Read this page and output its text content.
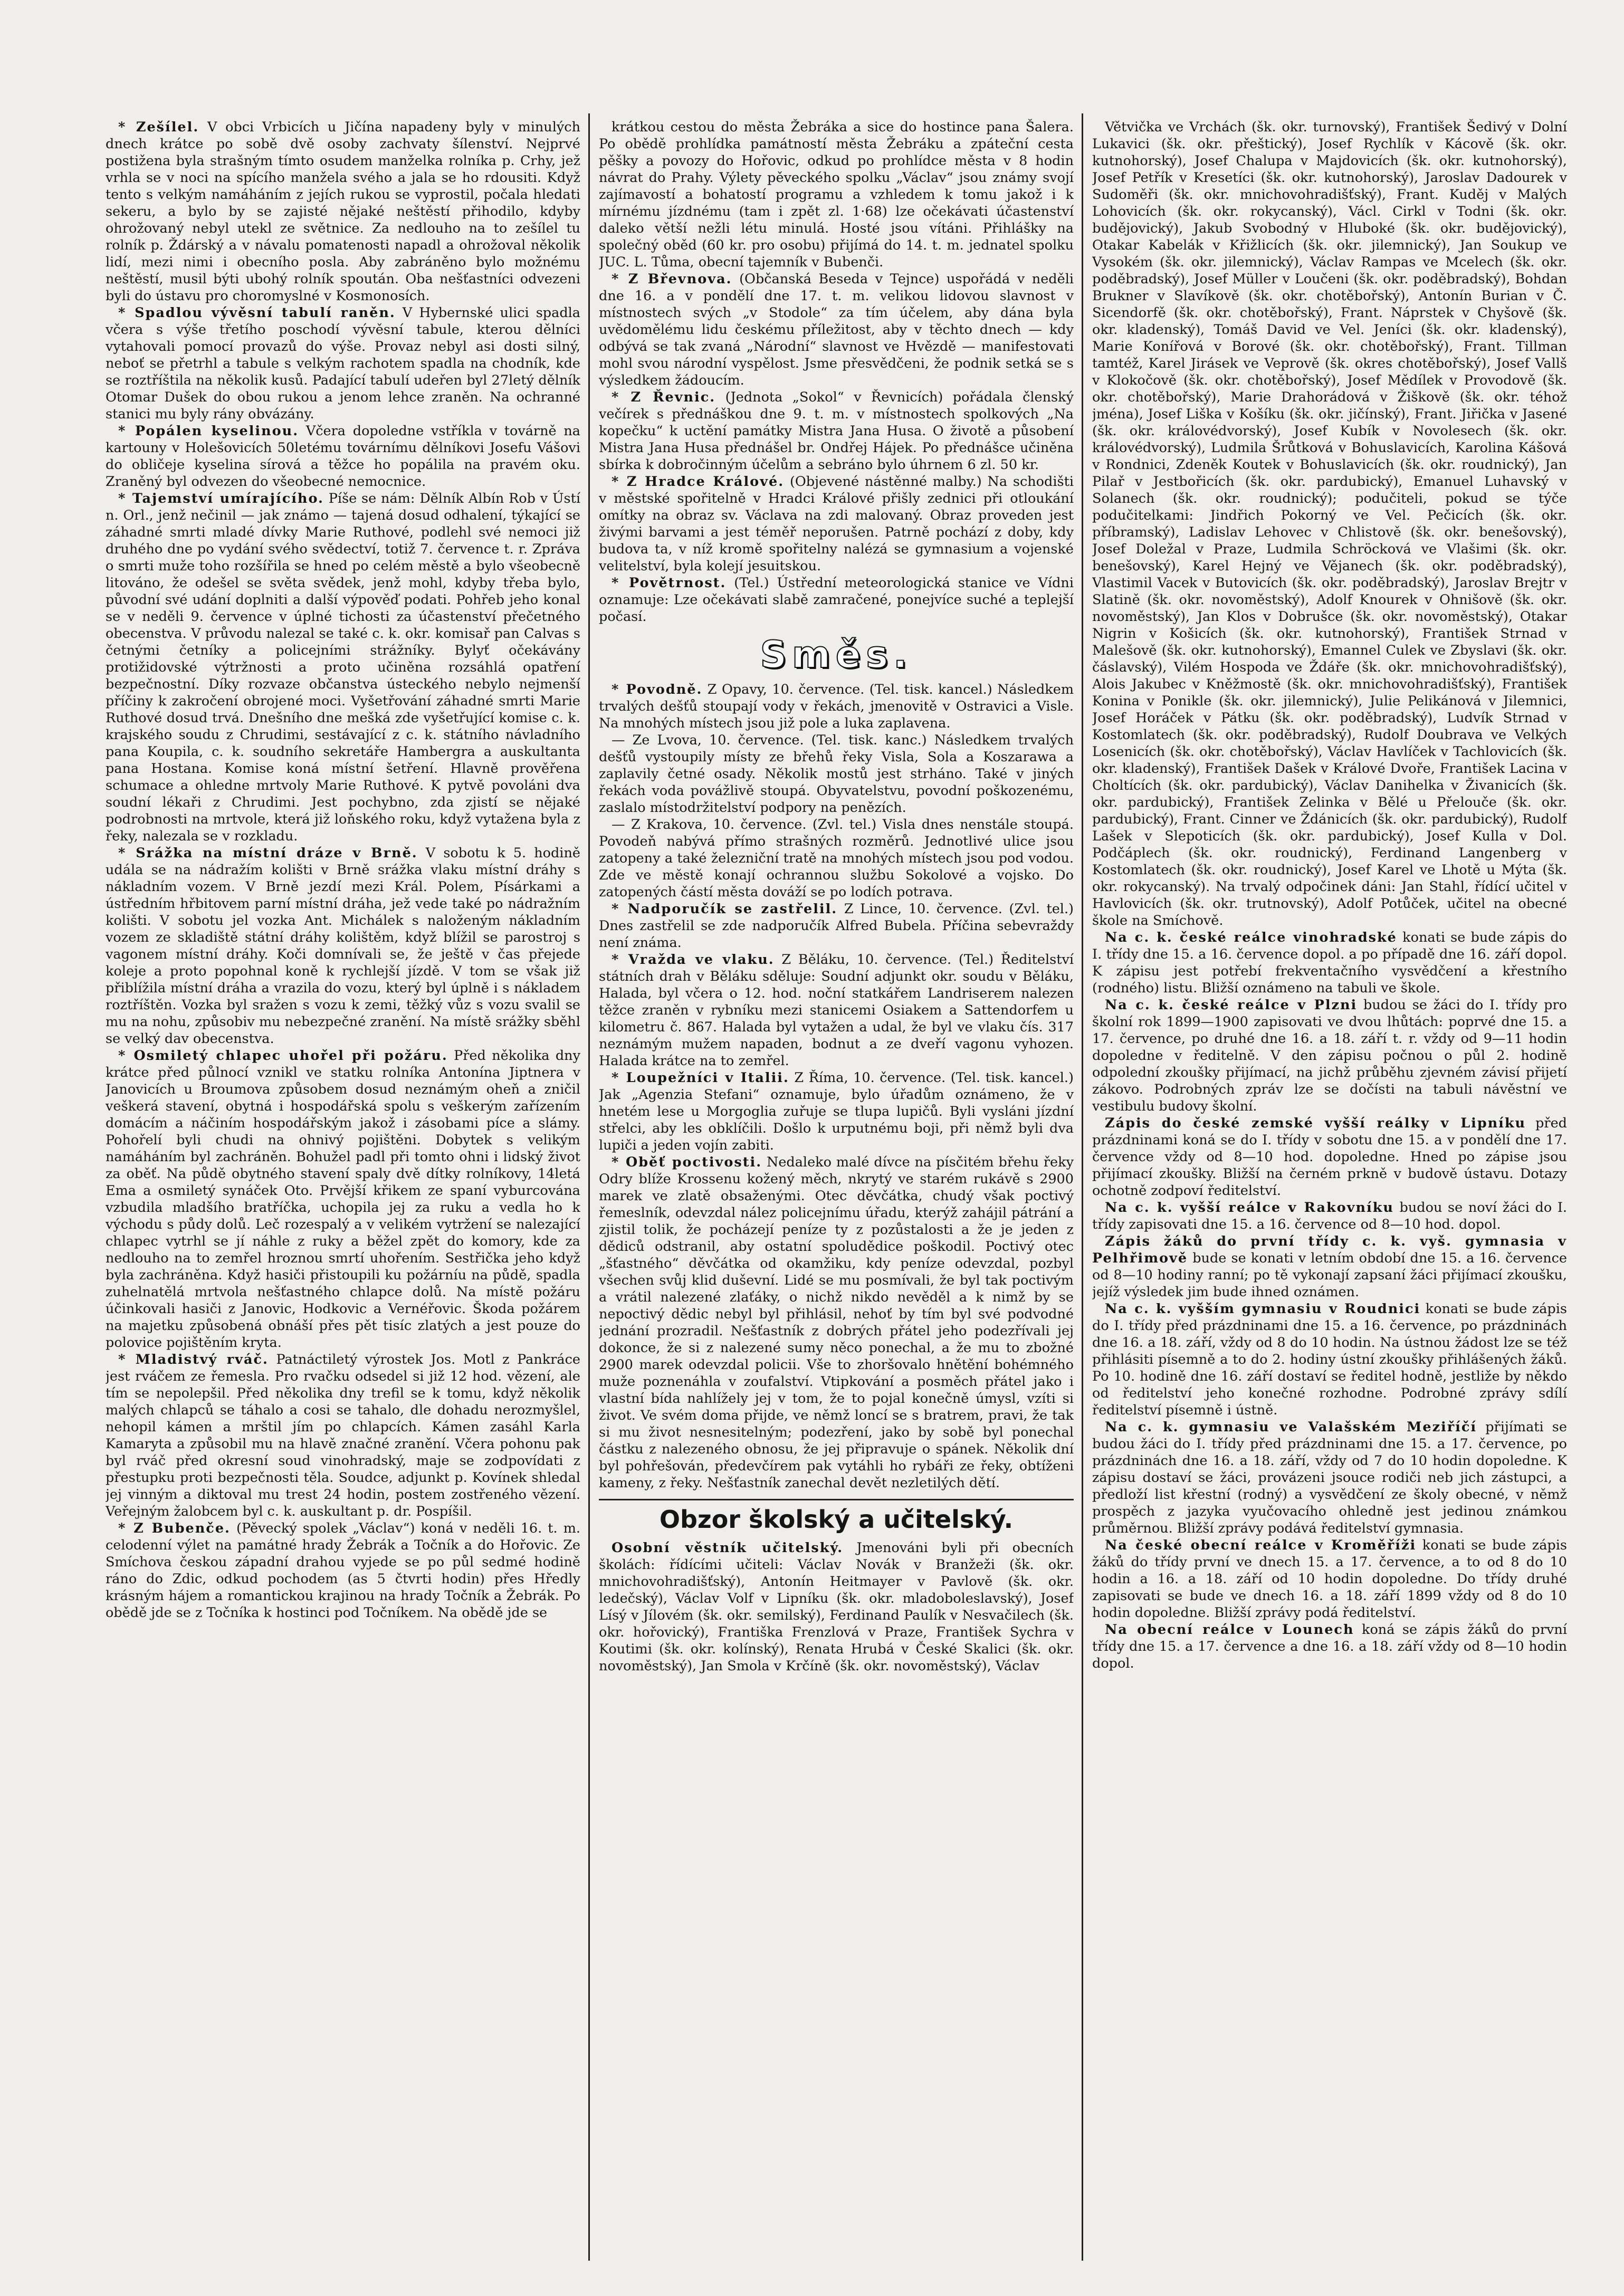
* Zešílel. V obci Vrbicích u Jičína napadeny byly v minulých dnech krátce po sobě dvě osoby zachvaty šílenství. Nejprvé postižena byla strašným tímto osudem manželka rolníka p. Crhy, jež vrhla se v noci na spícího manžela svého a jala se ho rdousiti. Když tento s velkým namáháním z jejích rukou se vyprostil, počala hledati sekeru, a bylo by se zajisté nějaké neštěstí přihodilo, kdyby ohrožovaný nebyl utekl ze světnice. Za nedlouho na to zešílel tu rolník p. Ždárský a v návalu pomatenosti napadl a ohrožoval několik lidí, mezi nimi i obecního posla. Aby zabráněno bylo možnému neštěstí, musil býti ubohý rolník spoután. Oba nešťastníci odvezeni byli do ústavu pro choromyslné v Kosmonosích.

* Spadlou vývěsní tabulí raněn. V Hybernské ulici spadla včera s výše třetího poschodí vývěsní tabule, kterou dělníci vytahovali pomocí provazů do výše. Provaz nebyl asi dosti silný, neboť se přetrhl a tabule s velkým rachotem spadla na chodník, kde se roztříštila na několik kusů. Padající tabulí udeřen byl 27letý dělník Otomar Dušek do obou rukou a jenom lehce zraněn. Na ochranné stanici mu byly rány obvázány.

* Popálen kyselinou. Včera dopoledne vstříkla v továrně na kartouny v Holešovicích 50letému továrnímu dělníkovi Josefu Vášovi do obličeje kyselina sírová a těžce ho popálila na pravém oku. Zraněný byl odvezen do všeobecné nemocnice.

* Tajemství umírajícího. Píše se nám: Dělník Albín Rob v Ústí n. Orl., jenž nečinil — jak známo — tajená dosud odhalení, týkající se záhadné smrti mladé dívky Marie Ruthové, podlehl své nemoci již druhého dne po vydání svého svědectví, totiž 7. července t. r. Zpráva o smrti muže toho rozšířila se hned po celém městě a bylo všeobecně litováno, že odešel se světa svědek, jenž mohl, kdyby třeba bylo, původní své udání doplniti a další výpověď podati. Pohřeb jeho konal se v neděli 9. července v úplné tichosti za účastenství přečetného obecenstva. V průvodu nalezal se také c. k. okr. komisař pan Calvas s četnými četníky a policejními strážníky. Bylyť očekávány protižidovské výtržnosti a proto učiněna rozsáhlá opatření bezpečnostní. Díky rozvaze občanstva ústeckého nebylo nejmenší příčiny k zakročení obrojené moci. Vyšetřování záhadné smrti Marie Ruthové dosud trvá. Dnešního dne mešká zde vyšetřující komise c. k. krajského soudu z Chrudimi, sestávající z c. k. státního návladního pana Koupila, c. k. soudního sekretáře Hambergra a auskultanta pana Hostana. Komise koná místní šetření. Hlavně prověřena schumace a ohledne mrtvoly Marie Ruthové. K pytvě povoláni dva soudní lékaři z Chrudimi. Jest pochybno, zda zjistí se nějaké podrobnosti na mrtvole, která již loňského roku, když vytažena byla z řeky, nalezala se v rozkladu.

* Srážka na místní dráze v Brně. V sobotu k 5. hodině udála se na nádražím kolišti v Brně srážka vlaku místní dráhy s nákladním vozem. V Brně jezdí mezi Král. Polem, Písárkami a ústředním hřbitovem parní místní dráha, jež vede také po nádražním kolišti. V sobotu jel vozka Ant. Michálek s naloženým nákladním vozem ze skladiště státní dráhy kolištěm, když blížil se parostroj s vagonem místní dráhy. Koči domnívali se, že ještě v čas přejede koleje a proto popohnal koně k rychlejší jízdě. V tom se však již přiblížila místní dráha a vrazila do vozu, který byl úplně i s nákladem roztříštěn. Vozka byl sražen s vozu k zemi, těžký vůz s vozu svalil se mu na nohu, způsobiv mu nebezpečné zranění. Na místě srážky sběhl se velký dav obecenstva.

* Osmiletý chlapec uhořel při požáru. Před několika dny krátce před půlnocí vznikl ve statku rolníka Antonína Jiptnera v Janovicích u Broumova způsobem dosud neznámým oheň a zničil veškerá stavení, obytná i hospodářská spolu s veškerým zařízením domácím a náčiním hospodářským jakož i zásobami píce a slámy. Pohořelí byli chudi na ohnivý pojištěni. Dobytek s velikým namáháním byl zachráněn. Bohužel padl při tomto ohni i lidský život za oběť. Na půdě obytného stavení spaly dvě dítky rolníkovy, 14letá Ema a osmiletý synáček Oto. Prvější křikem ze spaní vyburcována vzbudila mladšího bratříčka, uchopila jej za ruku a vedla ho k východu s půdy dolů. Leč rozespalý a v velikém vytržení se nalezající chlapec vytrhl se jí náhle z ruky a běžel zpět do komory, kde za nedlouho na to zemřel hroznou smrtí uhořením. Sestřička jeho když byla zachráněna. Když hasiči přistoupili ku požárníu na půdě, spadla zuhelnatělá mrtvola nešťastného chlapce dolů. Na místě požáru účinkovali hasiči z Janovic, Hodkovic a Vernéřovic. Škoda požárem na majetku způsobená obnáší přes pět tisíc zlatých a jest pouze do polovice pojištěním kryta.

* Mladistvý rváč. Patnáctiletý výrostek Jos. Motl z Pankráce jest rváčem ze řemesla. Pro rvačku odsedel si již 12 hod. vězení, ale tím se nepolepšil. Před několika dny trefil se k tomu, když několik malých chlapců se táhalo a cosi se tahalo, dle dohadu nerozmyšlel, nehopil kámen a mrštil jím po chlapcích. Kámen zasáhl Karla Kamaryta a způsobil mu na hlavě značné zranění. Včera pohonu pak byl rváč před okresní soud vinohradský, maje se zodpovídati z přestupku proti bezpečnosti těla. Soudce, adjunkt p. Kovínek shledal jej vinným a diktoval mu trest 24 hodin, postem zostřeného vězení. Veřejným žalobcem byl c. k. auskultant p. dr. Pospíšil.

* Z Bubenče. (Pěvecký spolek „Václav“) koná v neděli 16. t. m. celodenní výlet na památné hrady Žebrák a Točník a do Hořovic. Ze Smíchova českou západní drahou vyjede se po půl sedmé hodině ráno do Zdic, odkud pochodem (as 5 čtvrti hodin) přes Hředly krásným hájem a romantickou krajinou na hrady Točník a Žebrák. Po obědě jde se z Točníka k hostinci pod Točníkem. Na obědě jde se

krátkou cestou do města Žebráka a sice do hostince pana Šalera. Po obědě prohlídka památností města Žebráku a zpáteční cesta pěšky a povozy do Hořovic, odkud po prohlídce města v 8 hodin návrat do Prahy. Výlety pěveckého spolku „Václav“ jsou známy svojí zajímavostí a bohatostí programu a vzhledem k tomu jakož i k mírnému jízdnému (tam i zpět zl. 1·68) lze očekávati účastenství daleko větší nežli létu minulá. Hosté jsou vítáni. Přihlášky na společný oběd (60 kr. pro osobu) přijímá do 14. t. m. jednatel spolku JUC. L. Tůma, obecní tajemník v Bubenči.

* Z Břevnova. (Občanská Beseda v Tejnce) uspořádá v neděli dne 16. a v pondělí dne 17. t. m. velikou lidovou slavnost v místnostech svých „v Stodole“ za tím účelem, aby dána byla uvědomělému lidu českému příležitost, aby v těchto dnech — kdy odbývá se tak zvaná „Národní“ slavnost ve Hvězdě — manifestovati mohl svou národní vyspělost. Jsme přesvědčeni, že podnik setká se s výsledkem žádoucím.

* Z Řevnic. (Jednota „Sokol“ v Řevnicích) pořádala členský večírek s přednáškou dne 9. t. m. v místnostech spolkových „Na kopečku“ k uctění památky Mistra Jana Husa. O životě a působení Mistra Jana Husa přednášel br. Ondřej Hájek. Po přednášce učiněna sbírka k dobročinným účelům a sebráno bylo úhrnem 6 zl. 50 kr.

* Z Hradce Králové. (Objevené nástěnné malby.) Na schodišti v městské spořitelně v Hradci Králové přišly zednici při otloukání omítky na obraz sv. Václava na zdi malovaný. Obraz proveden jest živými barvami a jest téměř neporušen. Patrně pochází z doby, kdy budova ta, v níž kromě spořitelny nalézá se gymnasium a vojenské velitelství, byla kolejí jesuitskou.

* Povětrnost. (Tel.) Ústřední meteorologická stanice ve Vídni oznamuje: Lze očekávati slabě zamračené, ponejvíce suché a teplejší počasí.

Směs.

* Povodně. Z Opavy, 10. července. (Tel. tisk. kancel.) Následkem trvalých dešťů stoupají vody v řekách, jmenovitě v Ostravici a Visle. Na mnohých místech jsou již pole a luka zaplavena.

— Ze Lvova, 10. července. (Tel. tisk. kanc.) Následkem trvalých dešťů vystoupily místy ze břehů řeky Visla, Sola a Koszarawa a zaplavily četné osady. Několik mostů jest strháno. Také v jiných řekách voda povážlivě stoupá. Obyvatelstvu, povodní poškozenému, zaslalo místodržitelství podpory na penězích.

— Z Krakova, 10. července. (Zvl. tel.) Visla dnes nenstále stoupá. Povodeň nabývá přímo strašných rozměrů. Jednotlivé ulice jsou zatopeny a také železniční tratě na mnohých místech jsou pod vodou. Zde ve městě konají ochrannou službu Sokolové a vojsko. Do zatopených částí města dováží se po lodích potrava.

* Nadporučík se zastřelil. Z Lince, 10. července. (Zvl. tel.) Dnes zastřelil se zde nadporučík Alfred Bubela. Příčina sebevraždy není známa.

* Vražda ve vlaku. Z Běláku, 10. července. (Tel.) Ředitelství státních drah v Běláku sděluje: Soudní adjunkt okr. soudu v Běláku, Halada, byl včera o 12. hod. noční statkářem Landriserem nalezen těžce zraněn v rybníku mezi stanicemi Osiakem a Sattendorfem u kilometru č. 867. Halada byl vytažen a udal, že byl ve vlaku čís. 317 neznámým mužem napaden, bodnut a ze dveří vagonu vyhozen. Halada krátce na to zemřel.

* Loupežníci v Italii. Z Říma, 10. července. (Tel. tisk. kancel.) Jak „Agenzia Stefani“ oznamuje, bylo úřadům oznámeno, že v hnetém lese u Morgoglia zuřuje se tlupa lupičů. Byli vysláni jízdní střelci, aby les obklíčili. Došlo k urputnému boji, při němž byli dva lupiči a jeden vojín zabiti.

* Oběť poctivosti. Nedaleko malé dívce na písčitém břehu řeky Odry blíže Krossenu kožený měch, nkrytý ve starém rukávě s 2900 marek ve zlatě obsaženými. Otec děvčátka, chudý však poctivý řemeslník, odevzdal nález policejnímu úřadu, kterýž zahájil pátrání a zjistil tolik, že pocházejí peníze ty z pozůstalosti a že je jeden z dědiců odstranil, aby ostatní spoludědice poškodil. Poctivý otec „šťastného“ děvčátka od okamžiku, kdy peníze odevzdal, pozbyl všechen svůj klid duševní. Lidé se mu posmívali, že byl tak poctivým a vrátil nalezené zlaťáky, o nichž nikdo nevěděl a k nimž by se nepoctivý dědic nebyl byl přihlásil, nehoť by tím byl své podvodné jednání prozradil. Nešťastník z dobrých přátel jeho podezřívali jej dokonce, že si z nalezené sumy něco ponechal, a že mu to zbožné 2900 marek odevzdal policii. Vše to zhoršovalo hnětění bohémného muže poznenáhla v zoufalství. Vtipkování a posměch přátel jako i vlastní bída nahlížely jej v tom, že to pojal konečně úmysl, vzíti si život. Ve svém doma přijde, ve němž loncí se s bratrem, pravi, že tak si mu život nesnesitelným; podezření, jako by sobě byl ponechal částku z nalezeného obnosu, že jej připravuje o spánek. Několik dní byl pohřešován, předevčírem pak vytáhli ho rybáři ze řeky, obtíženi kameny, z řeky. Nešťastník zanechal devět nezletilých dětí.

Obzor školský a učitelský.

Osobní věstník učitelský. Jmenováni byli při obecních školách: řídícími učiteli: Václav Novák v Branžeži (šk. okr. mnichovohradišťský), Antonín Heitmayer v Pavlově (šk. okr. ledečský), Václav Volf v Lipníku (šk. okr. mladoboleslavský), Josef Lísý v Jílovém (šk. okr. semilský), Ferdinand Paulík v Nesvačilech (šk. okr. hořovický), Františka Frenzlová v Praze, František Sychra v Koutimi (šk. okr. kolínský), Renata Hrubá v České Skalici (šk. okr. novoměstský), Jan Smola v Krčíně (šk. okr. novoměstský), Václav

Větvička ve Vrchách (šk. okr. turnovský), František Šedivý v Dolní Lukavici (šk. okr. přeštický), Josef Rychlík v Kácově (šk. okr. kutnohorský), Josef Chalupa v Majdovicích (šk. okr. kutnohorský), Josef Petřík v Kresetíci (šk. okr. kutnohorský), Jaroslav Dadourek v Sudoměři (šk. okr. mnichovohradišťský), Frant. Kuděj v Malých Lohovicích (šk. okr. rokycanský), Václ. Cirkl v Todni (šk. okr. budějovický), Jakub Svobodný v Hluboké (šk. okr. budějovický), Otakar Kabelák v Křižlicích (šk. okr. jilemnický), Jan Soukup ve Vysokém (šk. okr. jilemnický), Václav Rampas ve Mcelech (šk. okr. poděbradský), Josef Müller v Loučeni (šk. okr. poděbradský), Bohdan Brukner v Slavíkově (šk. okr. chotěbořský), Antonín Burian v Č. Sicendorfě (šk. okr. chotěbořský), Frant. Náprstek v Chyšově (šk. okr. kladenský), Tomáš David ve Vel. Jeníci (šk. okr. kladenský), Marie Konířová v Borové (šk. okr. chotěbořský), Frant. Tillman tamtéž, Karel Jirásek ve Veprově (šk. okres chotěbořský), Josef Vallš v Klokočově (šk. okr. chotěbořský), Josef Mědílek v Provodově (šk. okr. chotěbořský), Marie Drahorádová v Žiškově (šk. okr. téhož jména), Josef Liška v Košíku (šk. okr. jičínský), Frant. Jiřička v Jasené (šk. okr. královédvorský), Josef Kubík v Novolesech (šk. okr. královédvorský), Ludmila Šrůtková v Bohuslavicích, Karolina Kášová v Rondnici, Zdeněk Koutek v Bohuslavicích (šk. okr. roudnický), Jan Pilař v Jestbořicích (šk. okr. pardubický), Emanuel Luhavský v Solanech (šk. okr. roudnický); podučiteli, pokud se týče podučitelkami: Jindřich Pokorný ve Vel. Pečicích (šk. okr. příbramský), Ladislav Lehovec v Chlistově (šk. okr. benešovský), Josef Doležal v Praze, Ludmila Schröcková ve Vlašimi (šk. okr. benešovský), Karel Hejný ve Vějanech (šk. okr. poděbradský), Vlastimil Vacek v Butovicích (šk. okr. poděbradský), Jaroslav Brejtr v Slatině (šk. okr. novoměstský), Adolf Knourek v Ohnišově (šk. okr. novoměstský), Jan Klos v Dobrušce (šk. okr. novoměstský), Otakar Nigrin v Košicích (šk. okr. kutnohorský), František Strnad v Malešově (šk. okr. kutnohorský), Emannel Culek ve Zbyslavi (šk. okr. čáslavský), Vilém Hospoda ve Ždáře (šk. okr. mnichovohradišťský), Alois Jakubec v Kněžmostě (šk. okr. mnichovohradišťský), František Konina v Ponikle (šk. okr. jilemnický), Julie Pelikánová v Jilemnici, Josef Horáček v Pátku (šk. okr. poděbradský), Ludvík Strnad v Kostomlatech (šk. okr. poděbradský), Rudolf Doubrava ve Velkých Losenicích (šk. okr. chotěbořský), Václav Havlíček v Tachlovicích (šk. okr. kladenský), František Dašek v Králové Dvoře, František Lacina v Choltících (šk. okr. pardubický), Václav Danihelka v Živanicích (šk. okr. pardubický), František Zelinka v Bělé u Přelouče (šk. okr. pardubický), Frant. Cinner ve Ždánicích (šk. okr. pardubický), Rudolf Lašek v Slepoticích (šk. okr. pardubický), Josef Kulla v Dol. Podčáplech (šk. okr. roudnický), Ferdinand Langenberg v Kostomlatech (šk. okr. roudnický), Josef Karel ve Lhotě u Mýta (šk. okr. rokycanský). Na trvalý odpočinek dáni: Jan Stahl, řídící učitel v Havlovicích (šk. okr. trutnovský), Adolf Potůček, učitel na obecné škole na Smíchově.

Na c. k. české reálce vinohradské konati se bude zápis do I. třídy dne 15. a 16. července dopol. a po případě dne 16. září dopol. K zápisu jest potřebí frekventačního vysvědčení a křestního (rodného) listu. Bližší oznámeno na tabuli ve škole.

Na c. k. české reálce v Plzni budou se žáci do I. třídy pro školní rok 1899—1900 zapisovati ve dvou lhůtách: poprvé dne 15. a 17. července, po druhé dne 16. a 18. září t. r. vždy od 9—11 hodin dopoledne v ředitelně. V den zápisu počnou o půl 2. hodině odpolední zkoušky přijímací, na jichž průběhu zjevném závisí přijetí zákovo. Podrobných zpráv lze se dočísti na tabuli návěstní ve vestibulu budovy školní.

Zápis do české zemské vyšší reálky v Lipníku před prázdninami koná se do I. třídy v sobotu dne 15. a v pondělí dne 17. července vždy od 8—10 hod. dopoledne. Hned po zápise jsou přijímací zkoušky. Bližší na černém prkně v budově ústavu. Dotazy ochotně zodpoví ředitelství.

Na c. k. vyšší reálce v Rakovníku budou se noví žáci do I. třídy zapisovati dne 15. a 16. července od 8—10 hod. dopol.

Zápis žáků do první třídy c. k. vyš. gymnasia v Pelhřimově bude se konati v letním období dne 15. a 16. července od 8—10 hodiny ranní; po tě vykonají zapsaní žáci přijímací zkoušku, jejíž výsledek jim bude ihned oznámen.

Na c. k. vyšším gymnasiu v Roudnici konati se bude zápis do I. třídy před prázdninami dne 15. a 16. července, po prázdninách dne 16. a 18. září, vždy od 8 do 10 hodin. Na ústnou žádost lze se též přihlásiti písemně a to do 2. hodiny ústní zkoušky přihlášených žáků. Po 10. hodině dne 16. září dostaví se ředitel hodně, jestliže by někdo od ředitelství jeho konečné rozhodne. Podrobné zprávy sdílí ředitelství písemně i ústně.

Na c. k. gymnasiu ve Valašském Meziříčí přijímati se budou žáci do I. třídy před prázdninami dne 15. a 17. července, po prázdninách dne 16. a 18. září, vždy od 7 do 10 hodin dopoledne. K zápisu dostaví se žáci, provázeni jsouce rodiči neb jich zástupci, a předloží list křestní (rodný) a vysvědčení ze školy obecné, v němž prospěch z jazyka vyučovacího ohledně jest jedinou známkou průměrnou. Bližší zprávy podává ředitelství gymnasia.

Na české obecní reálce v Kroměříži konati se bude zápis žáků do třídy první ve dnech 15. a 17. července, a to od 8 do 10 hodin a 16. a 18. září od 10 hodin dopoledne. Do třídy druhé zapisovati se bude ve dnech 16. a 18. září 1899 vždy od 8 do 10 hodin dopoledne. Bližší zprávy podá ředitelství.

Na obecní reálce v Lounech koná se zápis žáků do první třídy dne 15. a 17. července a dne 16. a 18. září vždy od 8—10 hodin dopol.
